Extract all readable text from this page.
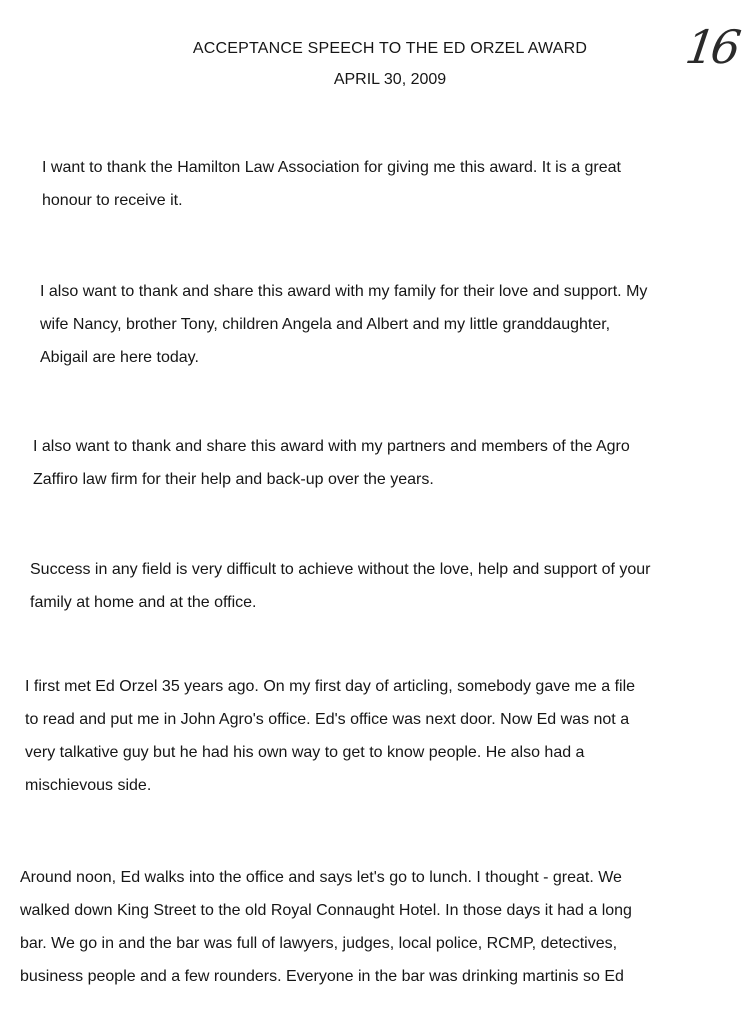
16
ACCEPTANCE SPEECH TO THE ED ORZEL AWARD
APRIL 30, 2009
I want to thank the Hamilton Law Association for giving me this award. It is a great
honour to receive it.
I also want to thank and share this award with my family for their love and support. My
wife Nancy, brother Tony, children Angela and Albert and my little granddaughter,
Abigail are here today.
I also want to thank and share this award with my partners and members of the Agro
Zaffiro law firm for their help and back-up over the years.
Success in any field is very difficult to achieve without the love, help and support of your
family at home and at the office.
I first met Ed Orzel 35 years ago. On my first day of articling, somebody gave me a file
to read and put me in John Agro's office. Ed's office was next door. Now Ed was not a
very talkative guy but he had his own way to get to know people. He also had a
mischievous side.
Around noon, Ed walks into the office and says let's go to lunch. I thought - great. We
walked down King Street to the old Royal Connaught Hotel. In those days it had a long
bar. We go in and the bar was full of lawyers, judges, local police, RCMP, detectives,
business people and a few rounders. Everyone in the bar was drinking martinis so Ed
